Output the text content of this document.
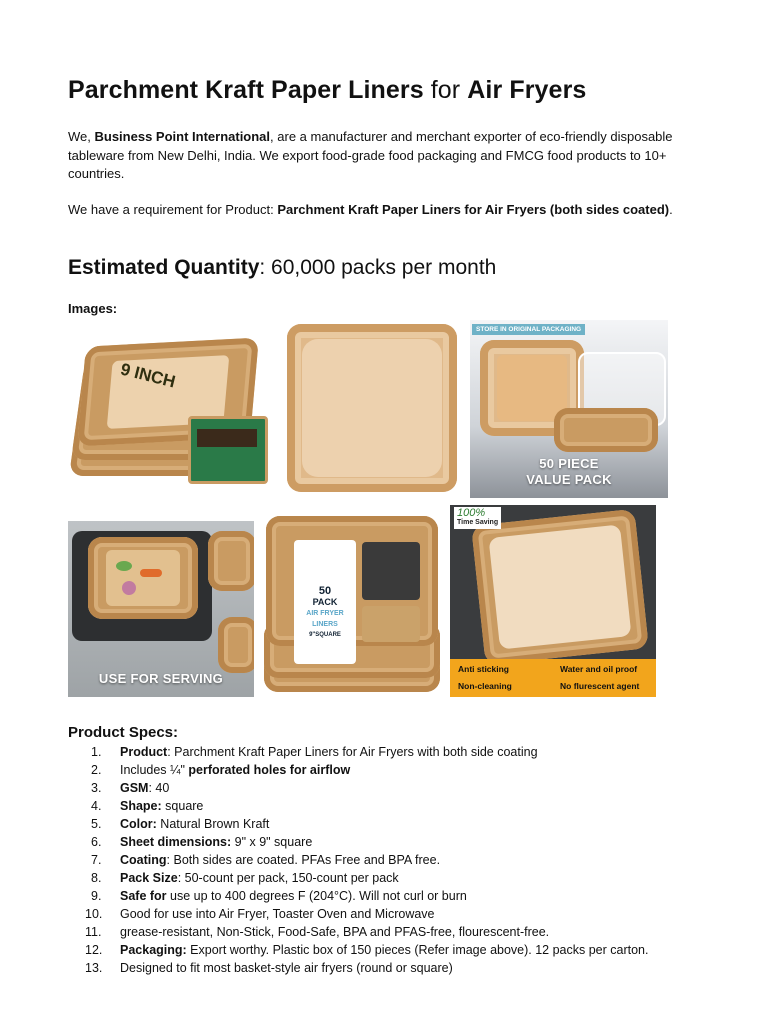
Parchment Kraft Paper Liners for Air Fryers

We, Business Point International, are a manufacturer and merchant exporter of eco-friendly disposable tableware from New Delhi, India. We export food-grade food packaging and FMCG food products to 10+ countries.

We have a requirement for Product: Parchment Kraft Paper Liners for Air Fryers (both sides coated).

Estimated Quantity: 60,000 packs per month
Images:
9 INCH
STORE IN ORIGINAL PACKAGING
50 PIECE
VALUE PACK
USE FOR SERVING
50
PACK
AIR FRYER
LINERS
9"SQUARE
100%
Time Saving
Anti sticking	Water and oil proof
Non-cleaning	No flurescent agent
Product Specs:
1. Product: Parchment Kraft Paper Liners for Air Fryers with both side coating
2. Includes ¼" perforated holes for airflow
3. GSM: 40
4. Shape: square
5. Color: Natural Brown Kraft
6. Sheet dimensions: 9" x 9" square
7. Coating: Both sides are coated. PFAs Free and BPA free.
8. Pack Size: 50-count per pack, 150-count per pack
9. Safe for use up to 400 degrees F (204°C). Will not curl or burn
10. Good for use into Air Fryer, Toaster Oven and Microwave
11. grease-resistant, Non-Stick, Food-Safe, BPA and PFAS-free, flourescent-free.
12. Packaging: Export worthy. Plastic box of 150 pieces (Refer image above). 12 packs per carton.
13. Designed to fit most basket-style air fryers (round or square)
